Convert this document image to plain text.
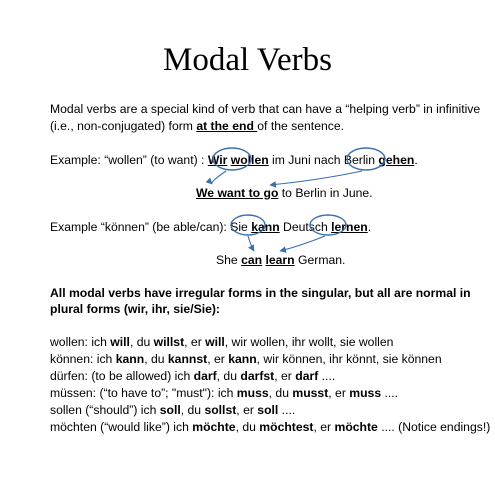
Modal Verbs
Modal verbs are a special kind of verb that can have a “helping verb” in infinitive
(i.e., non-conjugated) form at the end of the sentence.
Example: “wollen” (to want) : Wir wollen im Juni nach Berlin gehen.
We want to go to Berlin in June.
Example “können” (be able/can): Sie kann Deutsch lernen.
She can learn German.
All modal verbs have irregular forms in the singular, but all are normal in
plural forms (wir, ihr, sie/Sie):
wollen: ich will, du willst, er will, wir wollen, ihr wollt, sie wollen
können: ich kann, du kannst, er kann, wir können, ihr könnt, sie können
dürfen: (to be allowed) ich darf, du darfst, er darf ....
müssen: (“to have to”; "must"): ich muss, du musst, er muss ....
sollen (“should”) ich soll, du sollst, er soll ....
möchten (“would like”) ich möchte, du möchtest, er möchte .... (Notice endings!)
